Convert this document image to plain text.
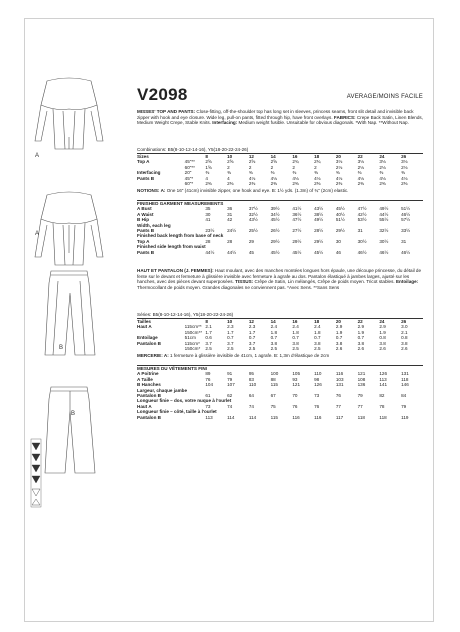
A
A
B
B
V2098	AVERAGE/MOINS FACILE
MISSES' TOP AND PANTS: Close-fitting, off-the-shoulder top has long set in sleeves, princess seams, front slit detail and invisible back zipper with hook and eye closure. Wide leg, pull-on pants, fitted through hip, have front overlays. FABRICS: Crepe Back Satin, Linen Blends, Medium Weight Crepe, Stable Knits. Interfacing: Medium weight fusible. Unsuitable for obvious diagonals. *With Nap. **Without Nap.
Combinations: B5(8-10-12-14-16), Y5(18-20-22-24-26)
Sizes		8	10	12	14	16	18	20	22	24	26
Top A	45"**	2⅝	2⅝	2⅝	2⅝	2¾	2¾	3⅛	3⅛	3⅛	3⅛
	60"**	1⅝	2	2	2	2	2	2⅛	2⅛	2⅛	2⅛
Interfacing	20"	⅜	⅜	⅜	⅜	⅜	⅜	⅜	⅜	⅜	⅜
Pants B	45"*	4	4	4⅛	4⅛	4⅛	4⅛	4⅛	4⅛	4⅛	4⅛
	60"*	2⅜	2⅜	2⅜	2⅜	2⅜	2⅜	2⅜	2⅜	2⅜	2⅜
NOTIONS: A: One 16" (41cm) invisible zipper, one hook and eye. B: 1½ yds. (1.3m) of ¾" (2cm) elastic.
FINISHED GARMENT MEASUREMENTS
A Bust		35	36	37½	39½	41½	43½	45½	47½	49½	51½
A Waist		30	31	32½	34½	36½	38½	40½	42½	44½	46½
B Hip		41	42	43½	45½	47½	49½	51½	53½	55½	57½
Width, each leg											
Pants B		23½	24½	25½	26½	27½	28½	29½	31	32½	33½
Finished back length from base of neck											
Top A		28	28	29	29½	29½	29½	30	30½	30½	31
Finished side length from waist											
Pants B		44½	44½	45	45½	45½	45½	46	46½	46½	46½
HAUT ET PANTALON (J. FEMMES): Haut moulant, avec des manches montées longues hors épaule, une découpe princesse, du détail de fente sur le devant et fermeture à glissière invisible avec fermeture à agrafe au dos. Pantalon élastiqué à jambes larges, ajusté sur les hanches, avec des pièces devant superposées. TISSUS: Crêpe de Satin, Lin mélangés, Crêpe de poids moyen. Tricot stables. Entoilage: Thermocollant de poids moyen. Grandes diagonales ne conviennent pas. *Avec Sens. **Sans Sens
Séries: B5(8-10-12-14-16), Y5(18-20-22-24-26)
Tailles		8	10	12	14	16	18	20	22	24	26
Haut A	115cm**	2.1	2.3	2.3	2.4	2.4	2.4	2.9	2.9	2.9	3.0
	150cm**	1.7	1.7	1.7	1.8	1.8	1.8	1.9	1.9	1.9	2.1
Entoilage	51cm	0.6	0.7	0.7	0.7	0.7	0.7	0.7	0.7	0.8	0.8
Pantalon B	115cm*	3.7	3.7	3.7	3.8	3.8	3.8	3.8	3.8	3.8	3.8
	150cm*	2.5	2.5	2.5	2.5	2.5	2.5	2.6	2.6	2.6	2.6
MERCERIE: A: 1 fermeture à glissière invisible de 41cm, 1 agrafe. B: 1,3m d'élastique de 2cm
MESURES DU VÊTEMENTS FINI
A Poitrine		89	91	95	100	105	110	116	121	126	131
A Taille		76	79	83	88	93	98	103	108	113	118
B Hanches		104	107	110	115	121	126	131	136	141	146
Largeur, chaque jambe											
Pantalon B		61	62	64	67	70	73	76	79	82	84
Longueur finie – dos, votre nuque à l'ourlet											
Haut A		73	74	74	75	76	76	77	77	78	79
Longueur finie – côté, taille à l'ourlet											
Pantalon B		113	114	114	115	116	116	117	118	118	119
